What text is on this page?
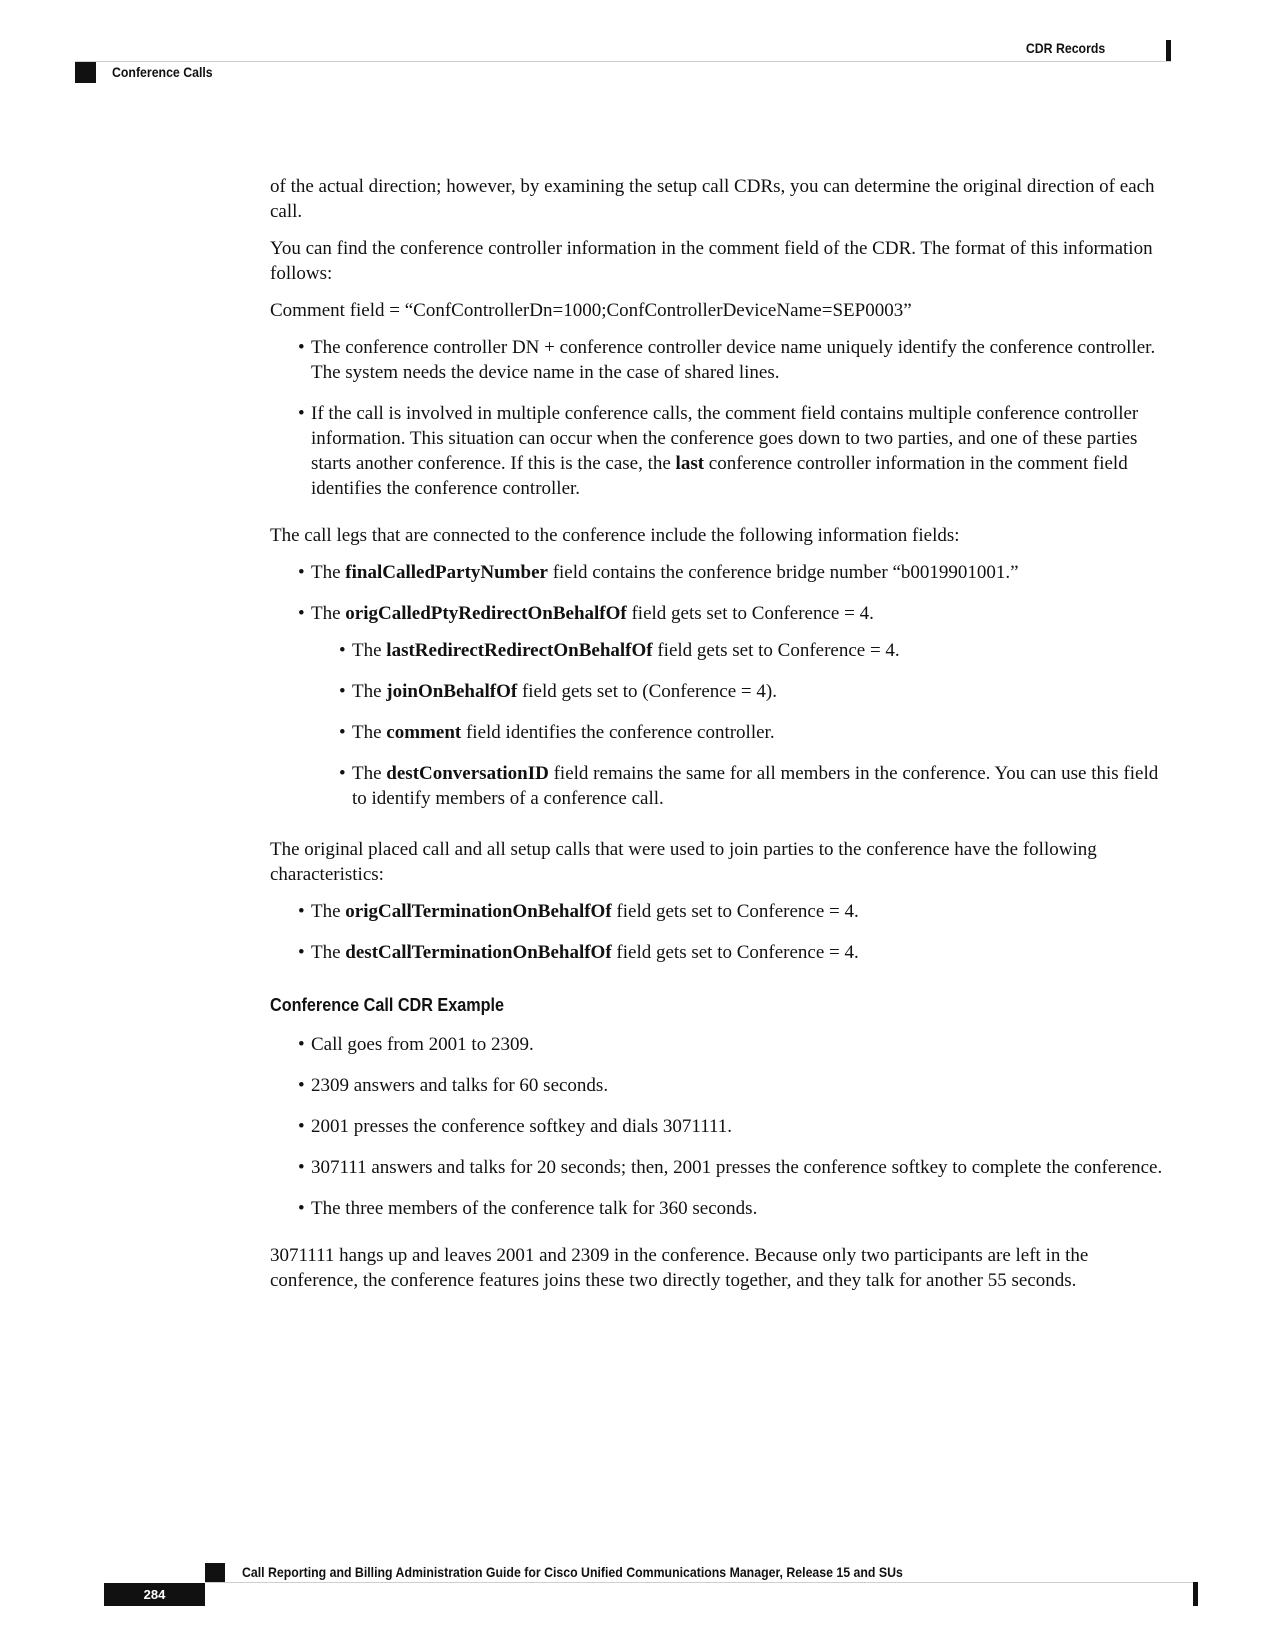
CDR Records
Conference Calls

of the actual direction; however, by examining the setup call CDRs, you can determine the original direction of each call.

You can find the conference controller information in the comment field of the CDR. The format of this information follows:

Comment field = “ConfControllerDn=1000;ConfControllerDeviceName=SEP0003”

• The conference controller DN + conference controller device name uniquely identify the conference controller. The system needs the device name in the case of shared lines.
• If the call is involved in multiple conference calls, the comment field contains multiple conference controller information. This situation can occur when the conference goes down to two parties, and one of these parties starts another conference. If this is the case, the last conference controller information in the comment field identifies the conference controller.

The call legs that are connected to the conference include the following information fields:

• The finalCalledPartyNumber field contains the conference bridge number “b0019901001.”
• The origCalledPtyRedirectOnBehalfOf field gets set to Conference = 4.
• The lastRedirectRedirectOnBehalfOf field gets set to Conference = 4.
• The joinOnBehalfOf field gets set to (Conference = 4).
• The comment field identifies the conference controller.
• The destConversationID field remains the same for all members in the conference. You can use this field to identify members of a conference call.

The original placed call and all setup calls that were used to join parties to the conference have the following characteristics:

• The origCallTerminationOnBehalfOf field gets set to Conference = 4.
• The destCallTerminationOnBehalfOf field gets set to Conference = 4.
Conference Call CDR Example
• Call goes from 2001 to 2309.
• 2309 answers and talks for 60 seconds.
• 2001 presses the conference softkey and dials 3071111.
• 307111 answers and talks for 20 seconds; then, 2001 presses the conference softkey to complete the conference.
• The three members of the conference talk for 360 seconds.

3071111 hangs up and leaves 2001 and 2309 in the conference. Because only two participants are left in the conference, the conference features joins these two directly together, and they talk for another 55 seconds.

Call Reporting and Billing Administration Guide for Cisco Unified Communications Manager, Release 15 and SUs
284
